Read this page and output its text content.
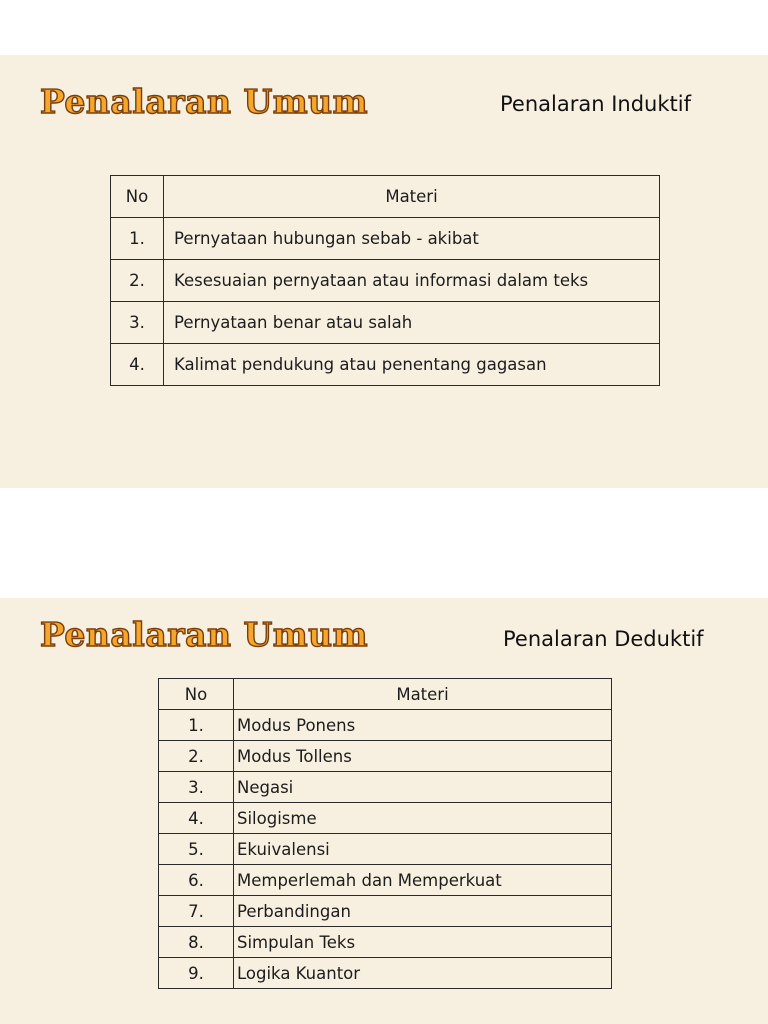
Penalaran Umum	Penalaran Induktif
No	Materi
1.	Pernyataan hubungan sebab - akibat
2.	Kesesuaian pernyataan atau informasi dalam teks
3.	Pernyataan benar atau salah
4.	Kalimat pendukung atau penentang gagasan
Penalaran Umum	Penalaran Deduktif
No	Materi
1.	Modus Ponens
2.	Modus Tollens
3.	Negasi
4.	Silogisme
5.	Ekuivalensi
6.	Memperlemah dan Memperkuat
7.	Perbandingan
8.	Simpulan Teks
9.	Logika Kuantor
